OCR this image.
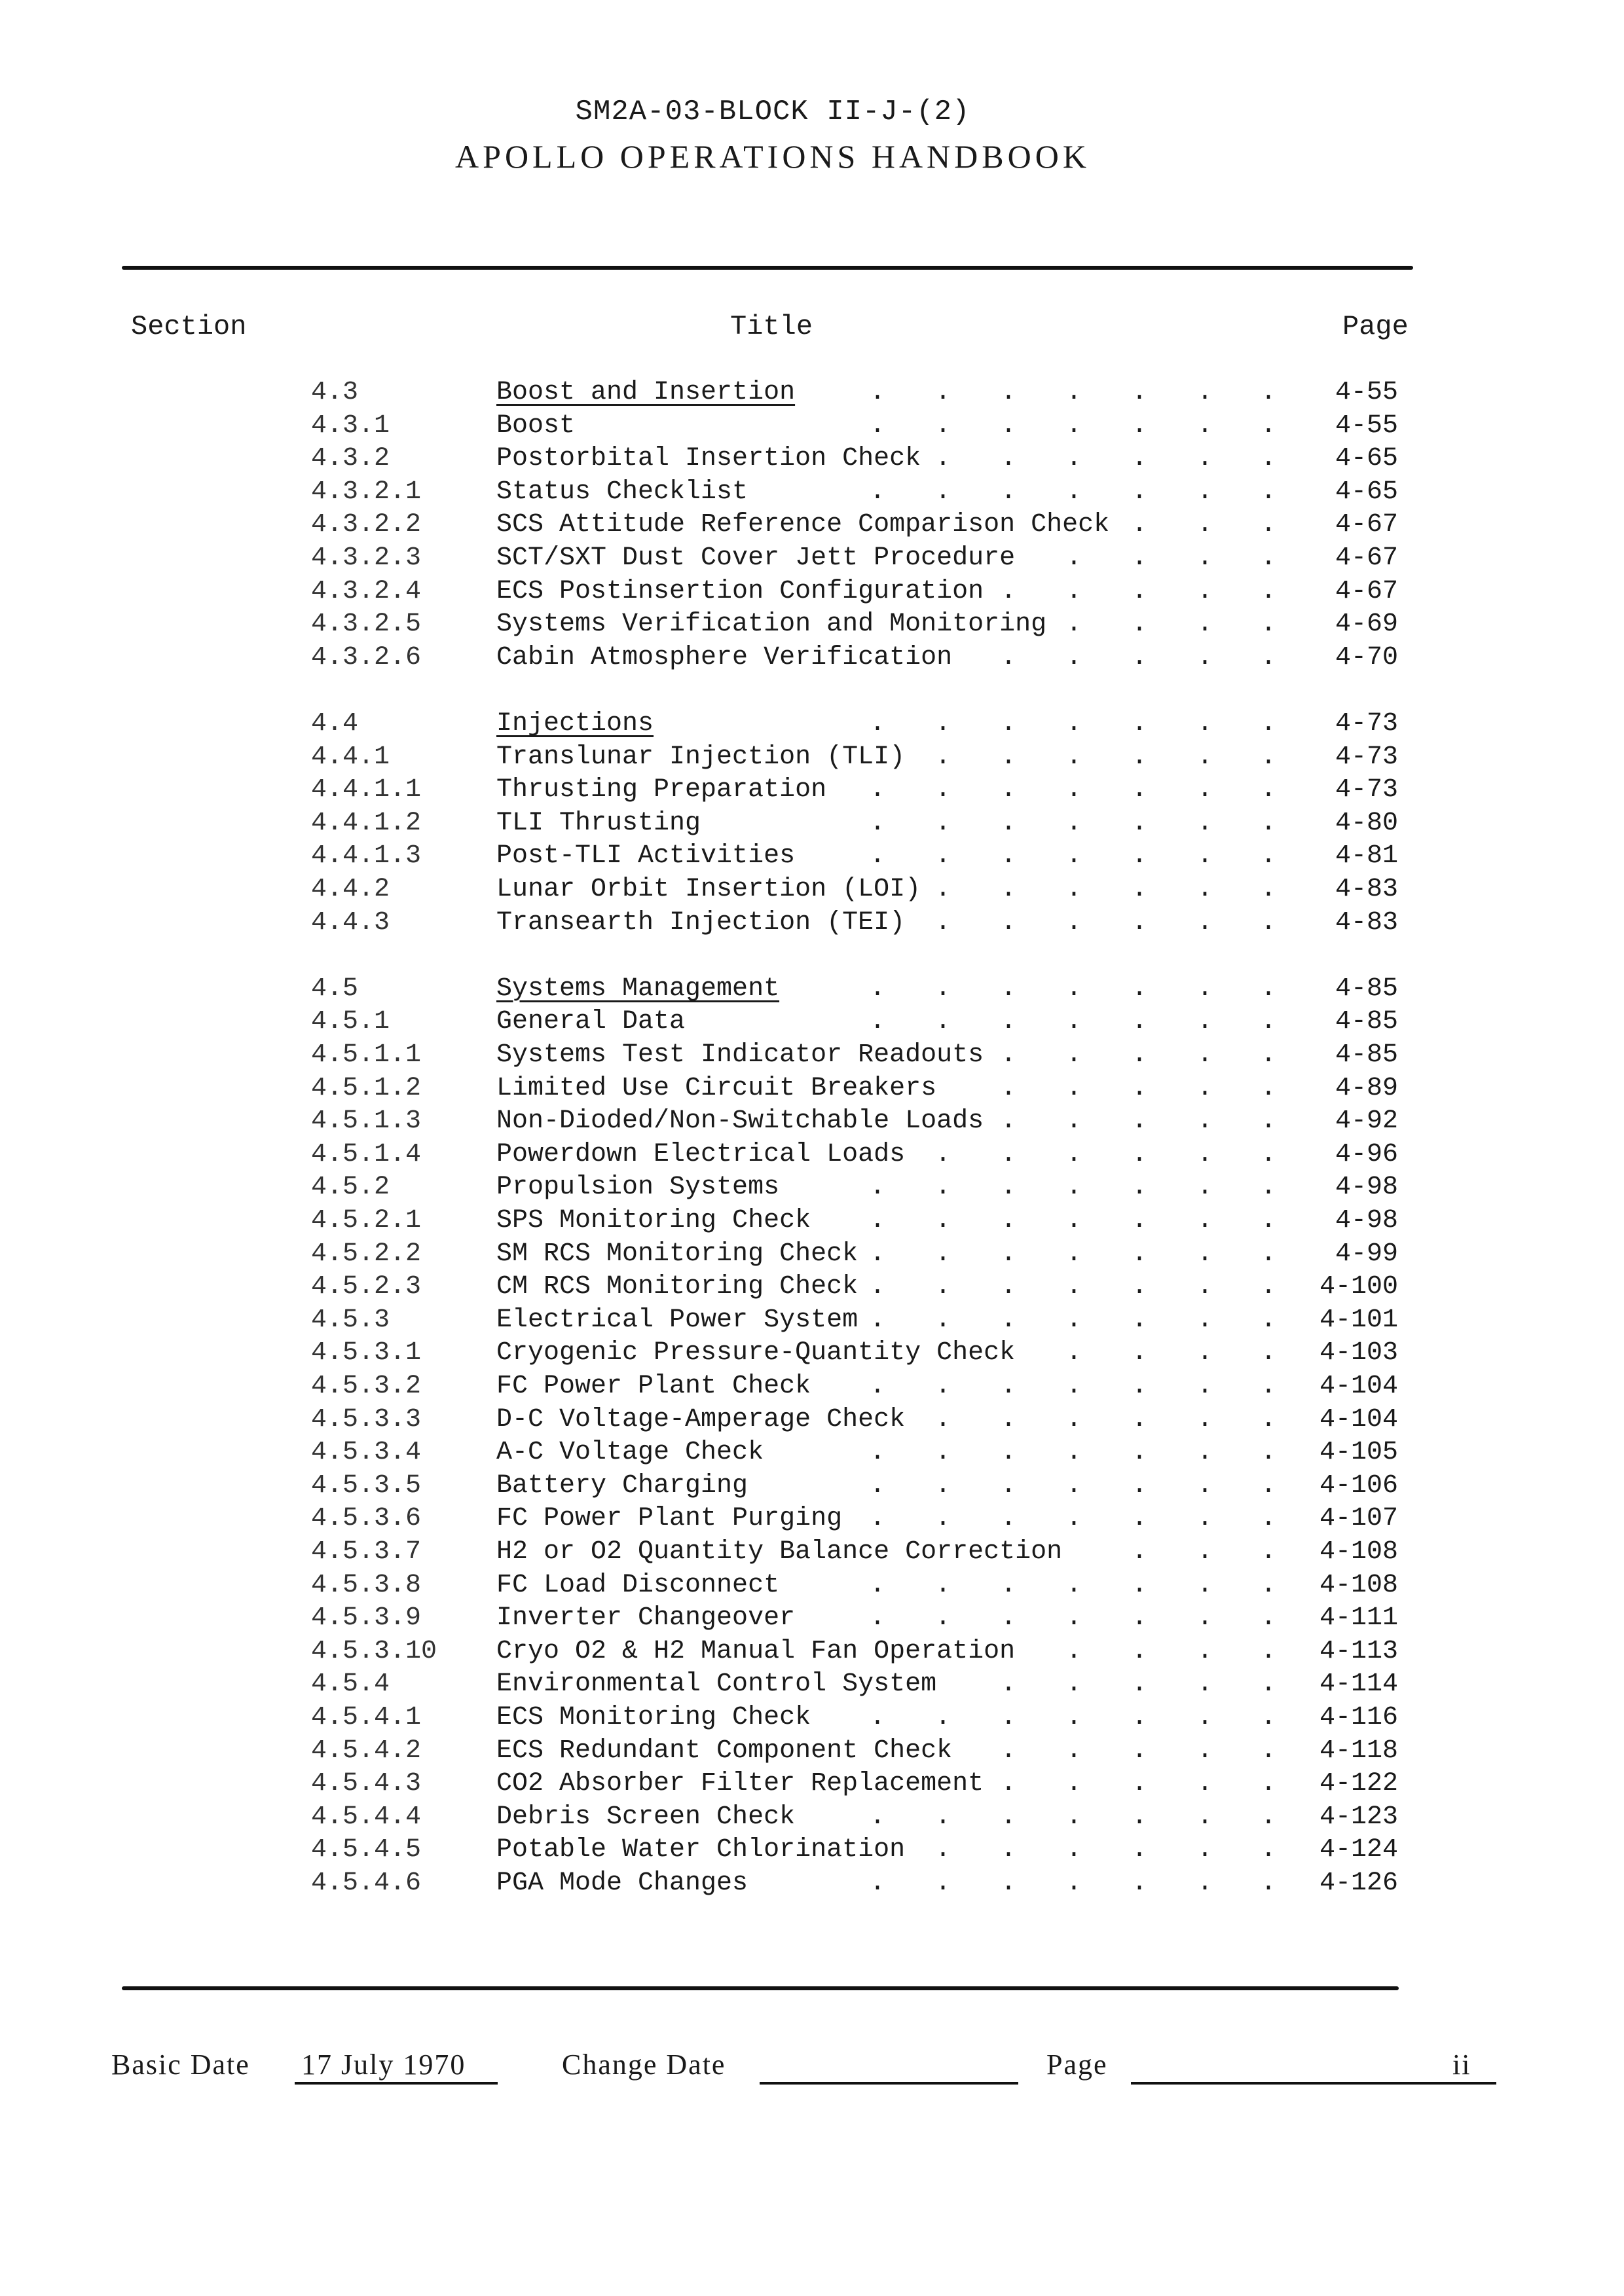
SM2A-03-BLOCK II-J-(2)
APOLLO OPERATIONS HANDBOOK
Section	Title	Page
4.3	Boost and Insertion	. . . . . . . 4-55
4.3.1	Boost	. . . . . . . 4-55
4.3.2	Postorbital Insertion Check . . . . . . 4-65
4.3.2.1	Status Checklist	. . . . . . . 4-65
4.3.2.2	SCS Attitude Reference Comparison Check . . . 4-67
4.3.2.3	SCT/SXT Dust Cover Jett Procedure . . . . 4-67
4.3.2.4	ECS Postinsertion Configuration . . . . . 4-67
4.3.2.5	Systems Verification and Monitoring . . . . 4-69
4.3.2.6	Cabin Atmosphere Verification . . . . . 4-70
4.4	Injections	. . . . . . . 4-73
4.4.1	Translunar Injection (TLI) . . . . . . 4-73
4.4.1.1	Thrusting Preparation . . . . . . . 4-73
4.4.1.2	TLI Thrusting	. . . . . . . 4-80
4.4.1.3	Post-TLI Activities	. . . . . . . 4-81
4.4.2	Lunar Orbit Insertion (LOI) . . . . . . 4-83
4.4.3	Transearth Injection (TEI) . . . . . . 4-83
4.5	Systems Management	. . . . . . . 4-85
4.5.1	General Data	. . . . . . . 4-85
4.5.1.1	Systems Test Indicator Readouts . . . . . 4-85
4.5.1.2	Limited Use Circuit Breakers . . . . . 4-89
4.5.1.3	Non-Dioded/Non-Switchable Loads . . . . . 4-92
4.5.1.4	Powerdown Electrical Loads . . . . . . 4-96
4.5.2	Propulsion Systems	. . . . . . . 4-98
4.5.2.1	SPS Monitoring Check . . . . . . . 4-98
4.5.2.2	SM RCS Monitoring Check . . . . . . . 4-99
4.5.2.3	CM RCS Monitoring Check . . . . . . . 4-100
4.5.3	Electrical Power System . . . . . . . 4-101
4.5.3.1	Cryogenic Pressure-Quantity Check . . . . 4-103
4.5.3.2	FC Power Plant Check . . . . . . . 4-104
4.5.3.3	D-C Voltage-Amperage Check . . . . . . 4-104
4.5.3.4	A-C Voltage Check	. . . . . . . 4-105
4.5.3.5	Battery Charging	. . . . . . . 4-106
4.5.3.6	FC Power Plant Purging . . . . . . . 4-107
4.5.3.7	H2 or O2 Quantity Balance Correction	. . . 4-108
4.5.3.8	FC Load Disconnect	. . . . . . . 4-108
4.5.3.9	Inverter Changeover	. . . . . . . 4-111
4.5.3.10 Cryo O2 & H2 Manual Fan Operation . . . . 4-113
4.5.4	Environmental Control System . . . . . 4-114
4.5.4.1	ECS Monitoring Check . . . . . . . 4-116
4.5.4.2	ECS Redundant Component Check . . . . . 4-118
4.5.4.3	CO2 Absorber Filter Replacement . . . . . 4-122
4.5.4.4	Debris Screen Check	. . . . . . . 4-123
4.5.4.5	Potable Water Chlorination . . . . . . 4-124
4.5.4.6	PGA Mode Changes	. . . . . . . 4-126
Basic Date 17 July 1970	Change Date	Page	ii
